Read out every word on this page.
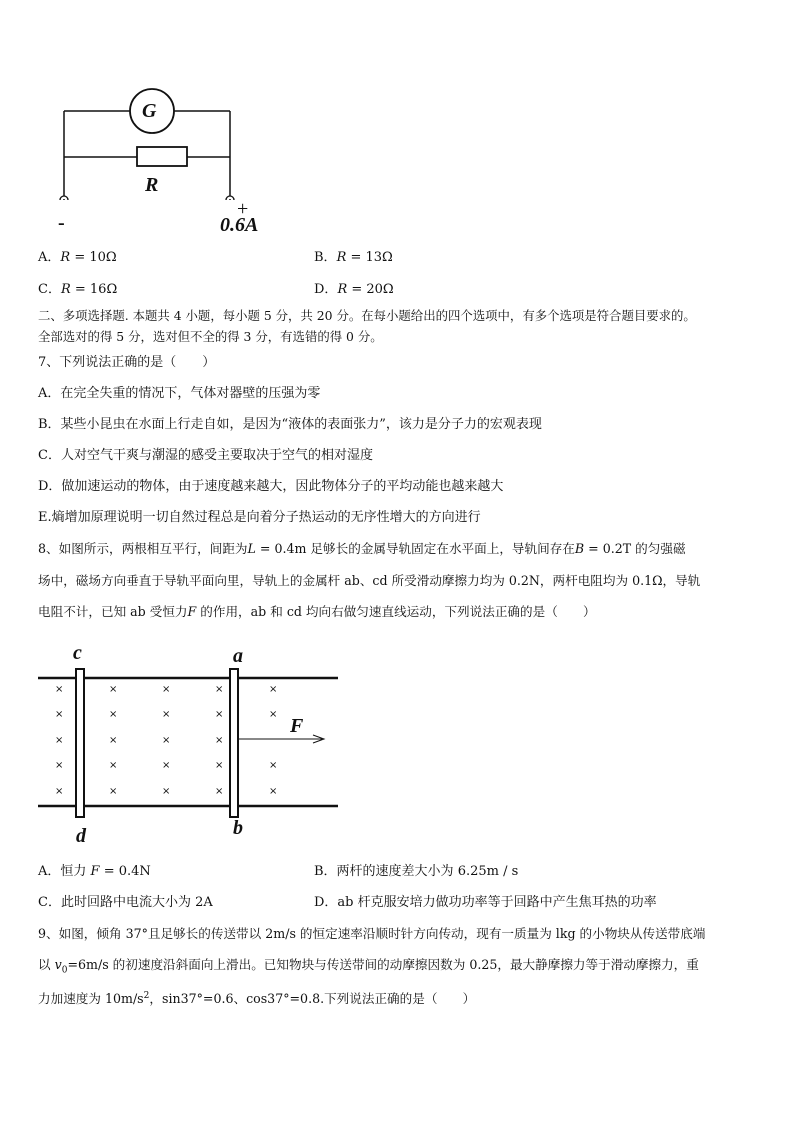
G
R
-
+
0.6A
A．R = 10Ω	B．R = 13Ω
C．R = 16Ω	D．R = 20Ω
二、多项选择题. 本题共 4 小题，每小题 5 分，共 20 分。在每小题给出的四个选项中，有多个选项是符合题目要求的。
全部选对的得 5 分，选对但不全的得 3 分，有选错的得 0 分。
7、下列说法正确的是（　　）
A．在完全失重的情况下，气体对器壁的压强为零
B．某些小昆虫在水面上行走自如，是因为“液体的表面张力”，该力是分子力的宏观表现
C．人对空气干爽与潮湿的感受主要取决于空气的相对湿度
D．做加速运动的物体，由于速度越来越大，因此物体分子的平均动能也越来越大
E.熵增加原理说明一切自然过程总是向着分子热运动的无序性增大的方向进行
8、如图所示，两根相互平行，间距为L = 0.4m 足够长的金属导轨固定在水平面上，导轨间存在B = 0.2T 的匀强磁
场中，磁场方向垂直于导轨平面向里，导轨上的金属杆 ab、cd 所受滑动摩擦力均为 0.2N，两杆电阻均为 0.1Ω，导轨
电阻不计，已知 ab 受恒力F 的作用，ab 和 cd 均向右做匀速直线运动，下列说法正确的是（　　）
×
×
×
×
×
×
×
×
×
×
×
×
×
×
×
×
×
×
×
×
×
×
×
×
c
d
a
b
F
A．恒力 F = 0.4N	B．两杆的速度差大小为 6.25m / s
C．此时回路中电流大小为 2A	D．ab 杆克服安培力做功功率等于回路中产生焦耳热的功率
9、如图，倾角 37°且足够长的传送带以 2m/s 的恒定速率沿顺时针方向传动，现有一质量为 lkg 的小物块从传送带底端
以 $v_0=6m/s$ 的初速度沿斜面向上滑出。已知物块与传送带间的动摩擦因数为 0.25，最大静摩擦力等于滑动摩擦力，重
力加速度为 $10m/s^2$，sin37°=0.6、cos37°=0.8.下列说法正确的是（　　）
